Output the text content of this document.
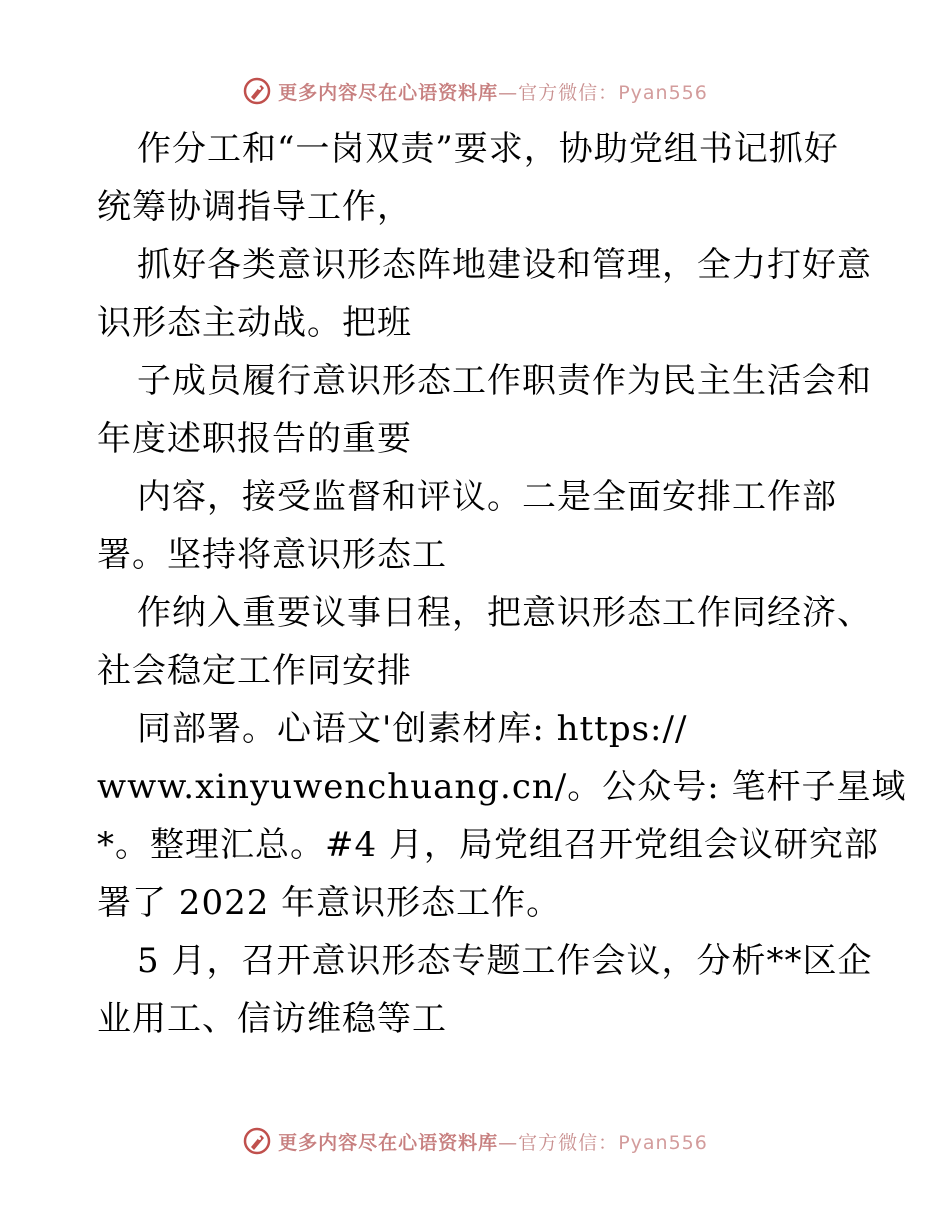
更多内容尽在心语资料库—官方微信：Pyan556
作分工和“一岗双责”要求，协助党组书记抓好
统筹协调指导工作，
抓好各类意识形态阵地建设和管理，全力打好意
识形态主动战。把班
子成员履行意识形态工作职责作为民主生活会和
年度述职报告的重要
内容，接受监督和评议。二是全面安排工作部
署。坚持将意识形态工
作纳入重要议事日程，把意识形态工作同经济、
社会稳定工作同安排
同部署。心语文'创素材库: https://
www.xinyuwenchuang.cn/。公众号: 笔杆子星域
*。整理汇总。#4 月，局党组召开党组会议研究部
署了 2022 年意识形态工作。
5 月，召开意识形态专题工作会议，分析**区企
业用工、信访维稳等工
更多内容尽在心语资料库—官方微信：Pyan556
